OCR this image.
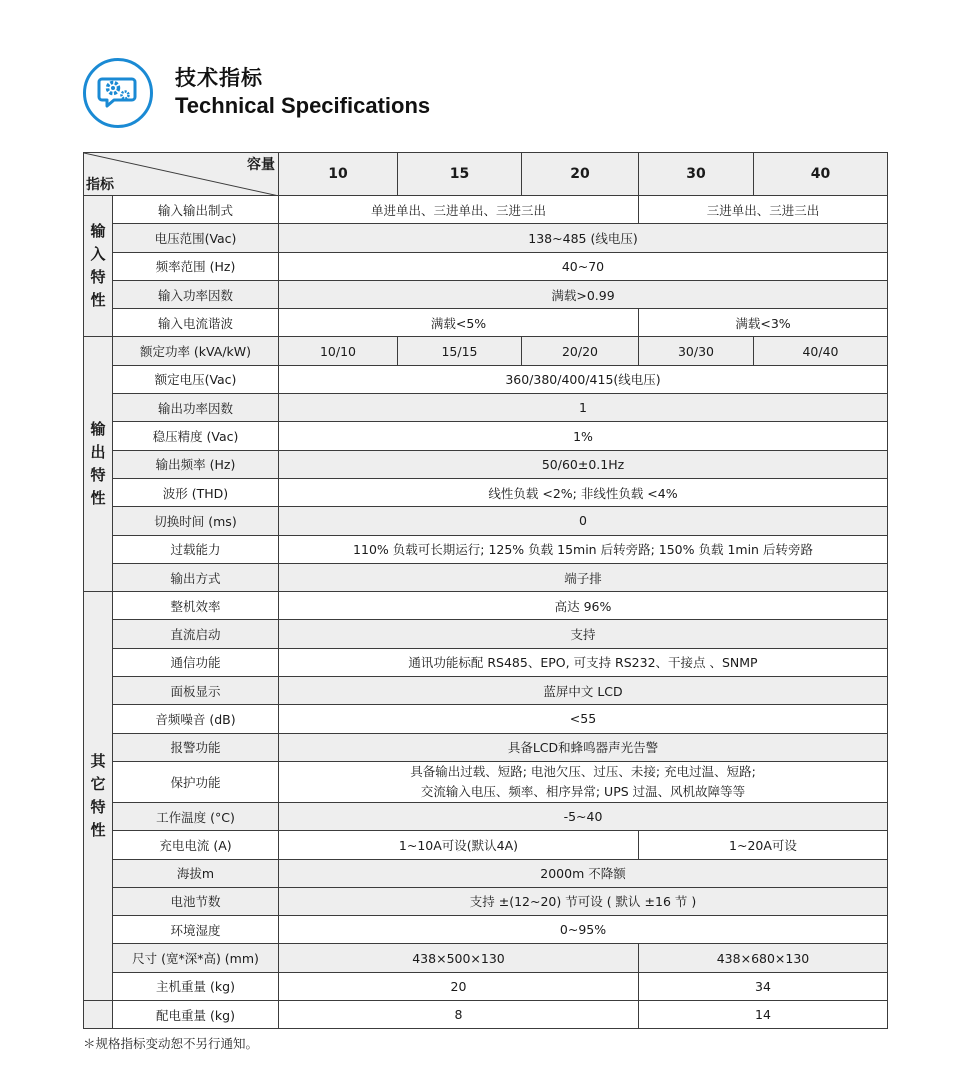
技术指标
Technical Specifications
容量
指标		10	15	20	30	40
输
入
特
性	输入输出制式	单进单出、三进单出、三进三出			三进单出、三进三出	
	电压范围(Vac)	138~485 (线电压)				
	频率范围 (Hz)	40~70				
	输入功率因数	满载>0.99				
	输入电流谐波	满载<5%			满载<3%	
输
出
特
性	额定功率 (kVA/kW)	10/10	15/15	20/20	30/30	40/40
	额定电压(Vac)	360/380/400/415(线电压)				
	输出功率因数	1				
	稳压精度 (Vac)	1%				
	输出频率 (Hz)	50/60±0.1Hz				
	波形 (THD)	线性负载 <2%; 非线性负载 <4%				
	切换时间 (ms)	0				
	过载能力	110% 负载可长期运行; 125% 负载 15min 后转旁路; 150% 负载 1min 后转旁路				
	输出方式	端子排				
其
它
特
性	整机效率	高达 96%				
	直流启动	支持				
	通信功能	通讯功能标配 RS485、EPO, 可支持 RS232、干接点 、SNMP				
	面板显示	蓝屏中文 LCD				
	音频噪音 (dB)	<55				
	报警功能	具备LCD和蜂鸣器声光告警				
	保护功能	具备输出过载、短路; 电池欠压、过压、未接; 充电过温、短路;
交流输入电压、频率、相序异常; UPS 过温、风机故障等等				

	工作温度 (°C)	-5~40				
	充电电流 (A)	1~10A可设(默认4A)			1~20A可设	
	海拔m	2000m 不降额				
	电池节数	支持 ±(12~20) 节可设 ( 默认 ±16 节 )				
	环境湿度	0~95%				
	尺寸 (宽*深*高) (mm)	438×500×130			438×680×130	
	主机重量 (kg)	20			34	
	配电重量 (kg)	8			14	
＊规格指标变动恕不另行通知。
